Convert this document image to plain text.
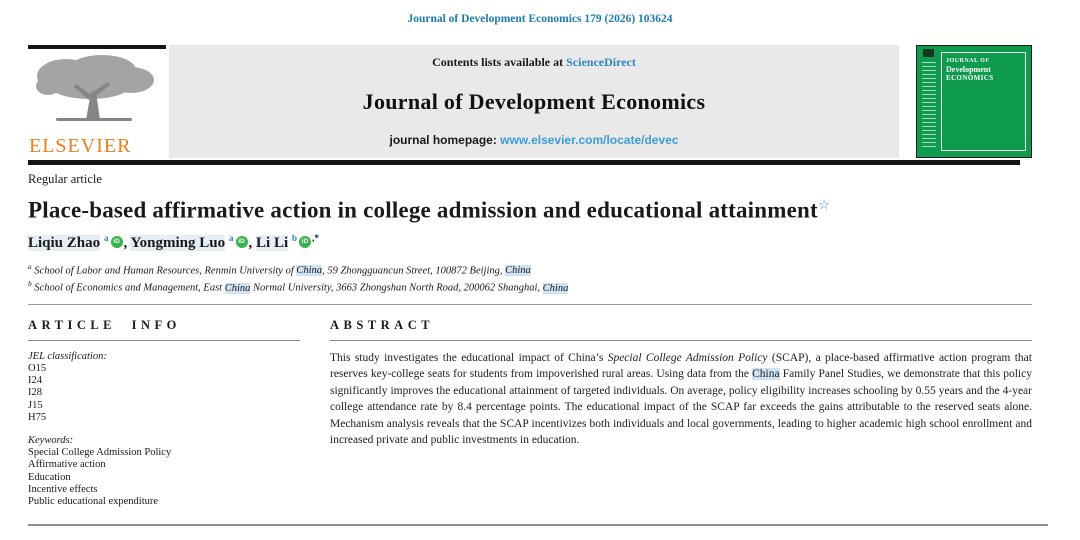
Journal of Development Economics 179 (2026) 103624
ELSEVIER
Contents lists available at ScienceDirect
Journal of Development Economics
journal homepage: www.elsevier.com/locate/devec
JOURNAL OF
Development
ECONOMICS
Regular article
Place-based affirmative action in college admission and educational attainment☆
Liqiu Zhao $^a$ iD , Yongming Luo $^a$ iD , Li Li $^b$ iD ,*
$^a$ School of Labor and Human Resources, Renmin University of China, 59 Zhongguancun Street, 100872 Beijing, China
$^b$ School of Economics and Management, East China Normal University, 3663 Zhongshan North Road, 200062 Shanghai, China
ARTICLE INFO
JEL classification:
O15
I24
I28
J15
H75
Keywords:
Special College Admission Policy
Affirmative action
Education
Incentive effects
Public educational expenditure
ABSTRACT

This study investigates the educational impact of China’s Special College Admission Policy (SCAP), a place-based affirmative action program that reserves key-college seats for students from impoverished rural areas. Using data from the China Family Panel Studies, we demonstrate that this policy significantly improves the educational attainment of targeted individuals. On average, policy eligibility increases schooling by 0.55 years and the 4-year college attendance rate by 8.4 percentage points. The educational impact of the SCAP far exceeds the gains attributable to the reserved seats alone. Mechanism analysis reveals that the SCAP incentivizes both individuals and local governments, leading to higher academic high school enrollment and increased private and public investments in education.
